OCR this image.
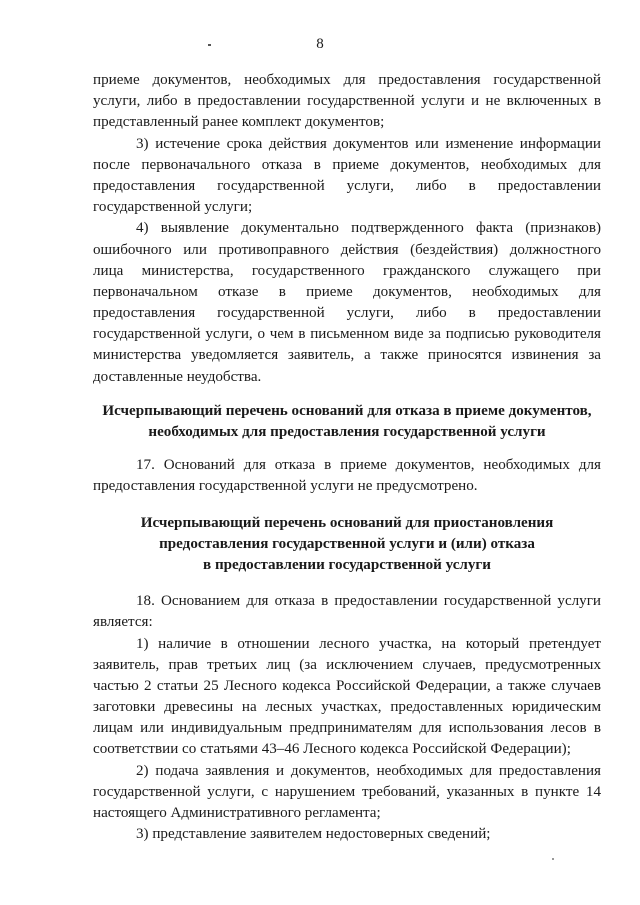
8
приеме документов, необходимых для предоставления государственной
услуги, либо в предоставлении государственной услуги и не включенных в
представленный ранее комплект документов;
3) истечение срока действия документов или изменение информации
после первоначального отказа в приеме документов, необходимых для
предоставления государственной услуги, либо в предоставлении
государственной услуги;
4) выявление документально подтвержденного факта (признаков)
ошибочного или противоправного действия (бездействия) должностного
лица министерства, государственного гражданского служащего при
первоначальном отказе в приеме документов, необходимых для
предоставления государственной услуги, либо в предоставлении
государственной услуги, о чем в письменном виде за подписью руководителя
министерства уведомляется заявитель, а также приносятся извинения за
доставленные неудобства.
Исчерпывающий перечень оснований для отказа в приеме документов,
необходимых для предоставления государственной услуги
17. Оснований для отказа в приеме документов, необходимых для
предоставления государственной услуги не предусмотрено.
Исчерпывающий перечень оснований для приостановления
предоставления государственной услуги и (или) отказа
в предоставлении государственной услуги
18. Основанием для отказа в предоставлении государственной услуги
является:
1) наличие в отношении лесного участка, на который претендует
заявитель, прав третьих лиц (за исключением случаев, предусмотренных
частью 2 статьи 25 Лесного кодекса Российской Федерации, а также случаев
заготовки древесины на лесных участках, предоставленных юридическим
лицам или индивидуальным предпринимателям для использования лесов в
соответствии со статьями 43–46 Лесного кодекса Российской Федерации);
2) подача заявления и документов, необходимых для предоставления
государственной услуги, с нарушением требований, указанных в пункте 14
настоящего Административного регламента;
3) представление заявителем недостоверных сведений;
